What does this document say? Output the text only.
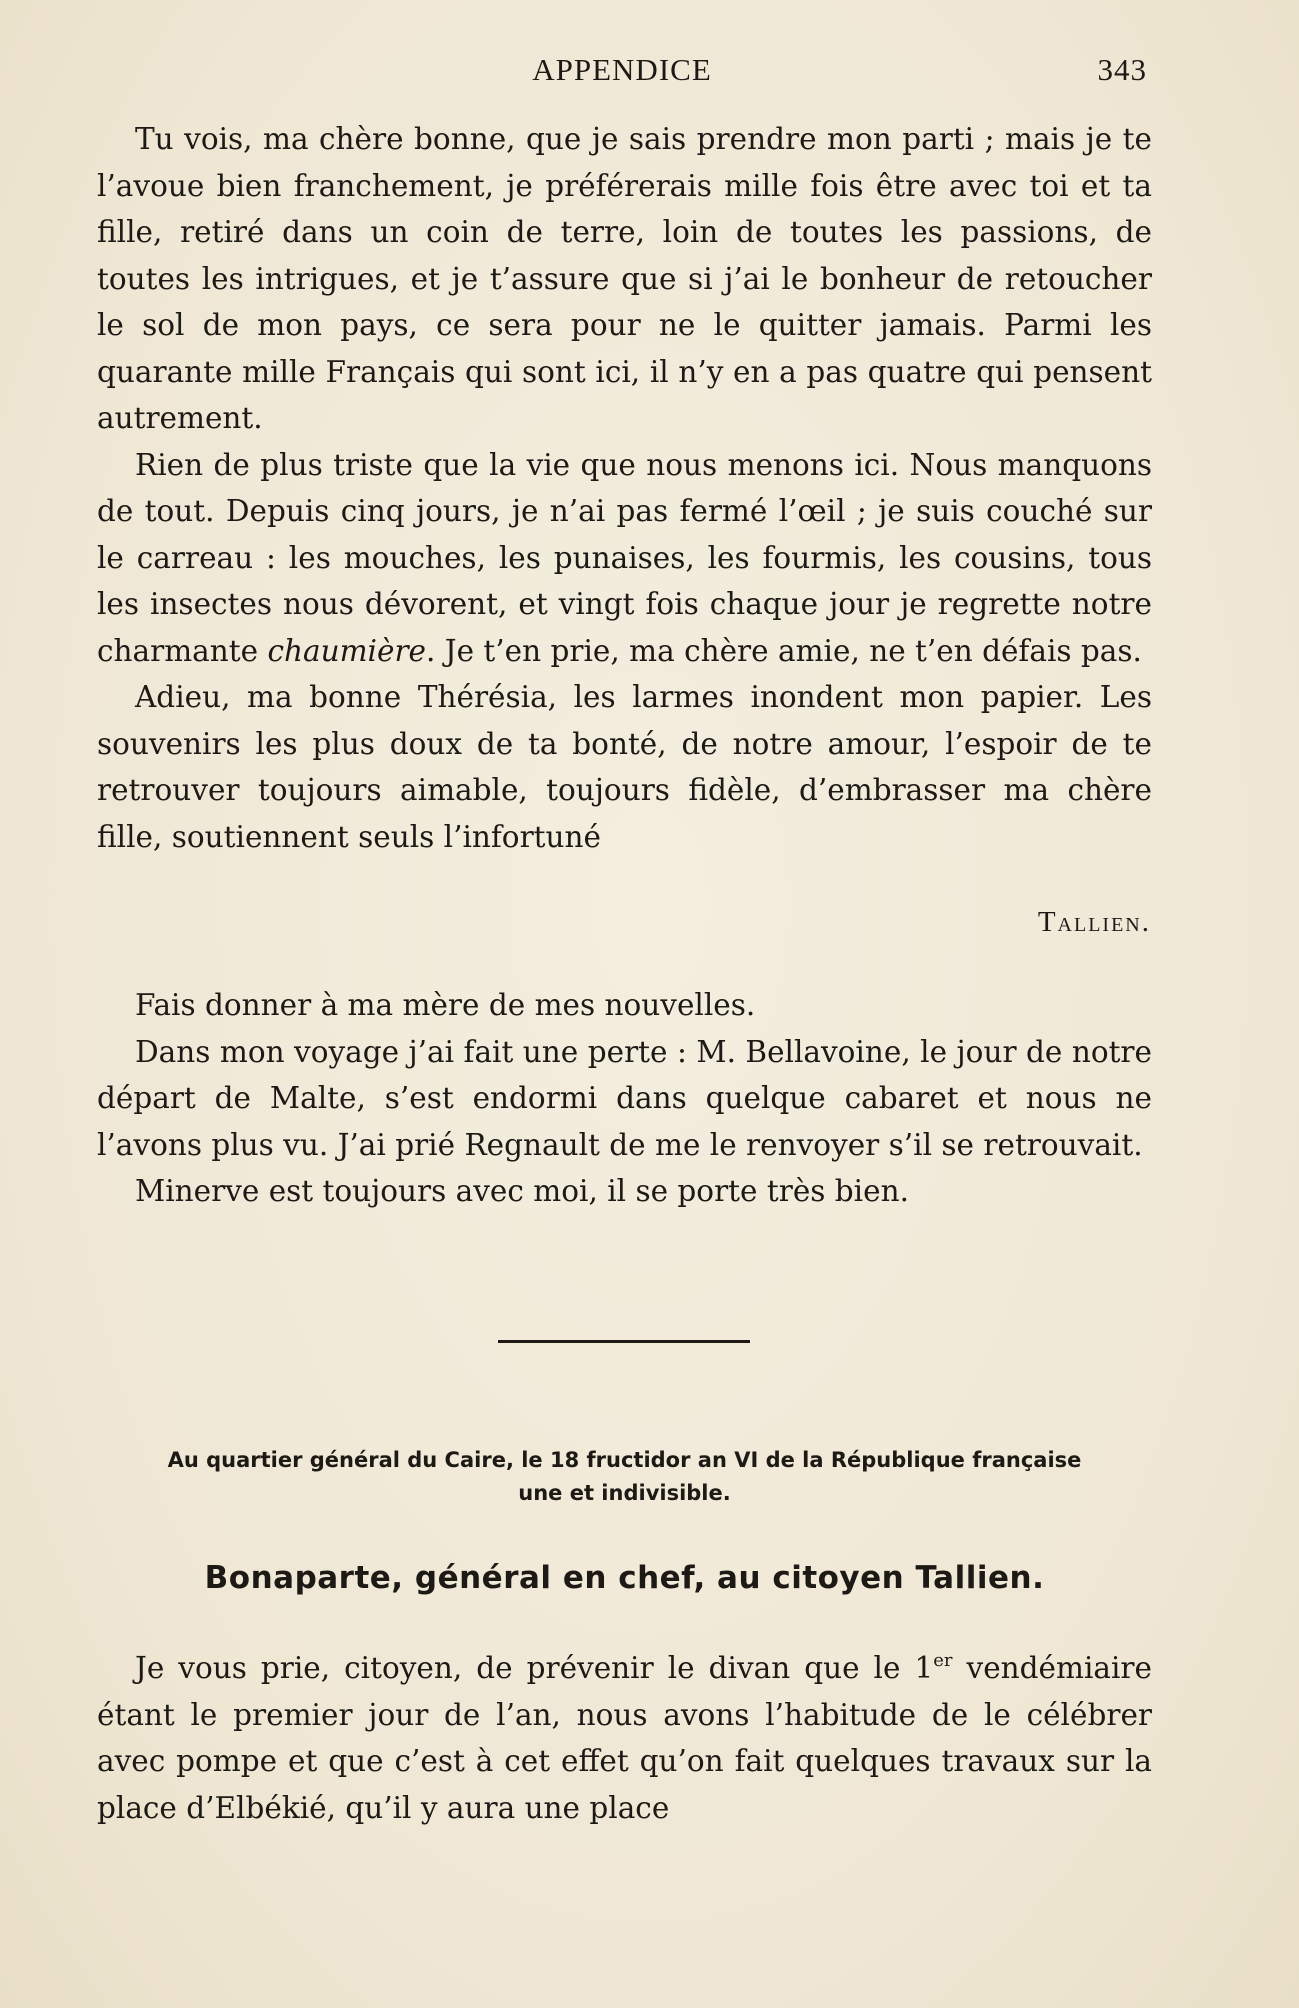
APPENDICE	343

Tu vois, ma chère bonne, que je sais prendre mon parti ; mais je te l’avoue bien franchement, je préférerais mille fois être avec toi et ta fille, retiré dans un coin de terre, loin de toutes les passions, de toutes les intrigues, et je t’assure que si j’ai le bonheur de retoucher le sol de mon pays, ce sera pour ne le quitter jamais. Parmi les quarante mille Français qui sont ici, il n’y en a pas quatre qui pensent autrement.

Rien de plus triste que la vie que nous menons ici. Nous manquons de tout. Depuis cinq jours, je n’ai pas fermé l’œil ; je suis couché sur le carreau : les mouches, les punaises, les fourmis, les cousins, tous les insectes nous dévorent, et vingt fois chaque jour je regrette notre charmante chaumière. Je t’en prie, ma chère amie, ne t’en défais pas.

Adieu, ma bonne Thérésia, les larmes inondent mon papier. Les souvenirs les plus doux de ta bonté, de notre amour, l’espoir de te retrouver toujours aimable, toujours fidèle, d’embrasser ma chère fille, soutiennent seuls l’infortuné

Tallien.

Fais donner à ma mère de mes nouvelles.

Dans mon voyage j’ai fait une perte : M. Bellavoine, le jour de notre départ de Malte, s’est endormi dans quelque cabaret et nous ne l’avons plus vu. J’ai prié Regnault de me le renvoyer s’il se retrouvait.

Minerve est toujours avec moi, il se porte très bien.

Au quartier général du Caire, le 18 fructidor an VI de la République française
une et indivisible.
Bonaparte, général en chef, au citoyen Tallien.

Je vous prie, citoyen, de prévenir le divan que le 1er vendémiaire étant le premier jour de l’an, nous avons l’habitude de le célébrer avec pompe et que c’est à cet effet qu’on fait quelques travaux sur la place d’Elbékié, qu’il y aura une place
